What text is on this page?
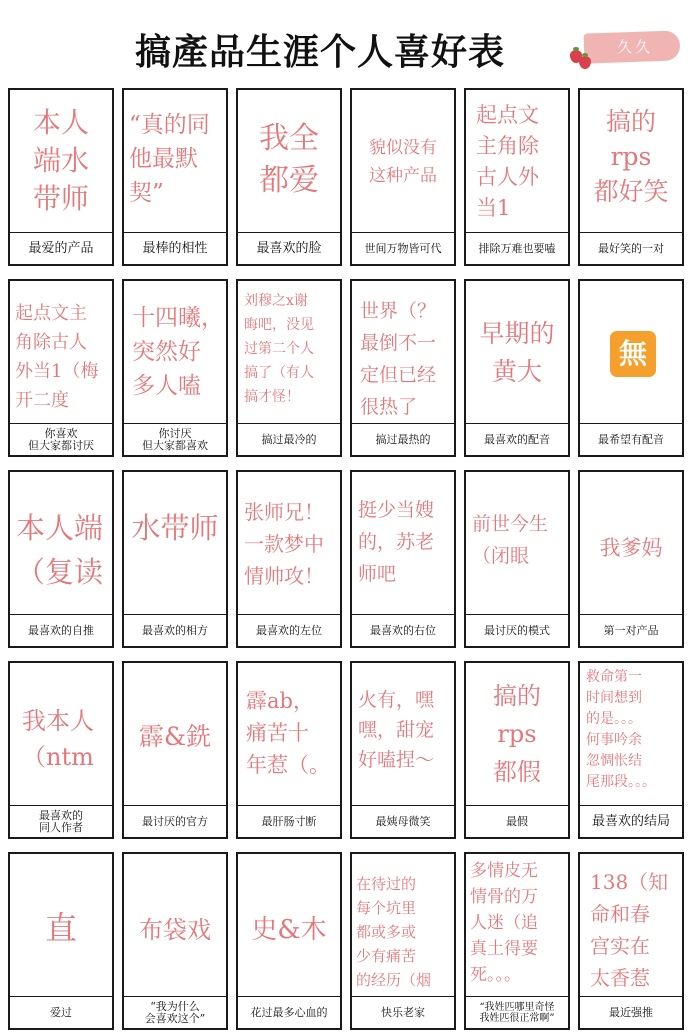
搞產品生涯个人喜好表	久久
本人
端水
带师
最爱的产品
“真的同
他最默
契”
最棒的相性
我全
都爱
最喜欢的脸
貌似没有
这种产品
世间万物皆可代
起点文
主角除
古人外
当1
排除万难也要嗑
搞的
rps
都好笑
最好笑的一对
起点文主
角除古人
外当1（梅
开二度
你喜欢
但大家都讨厌
十四曦，
突然好
多人嗑
你讨厌
但大家都喜欢
刘穆之x谢
晦吧，没见
过第二个人
搞了（有人
搞才怪！
搞过最冷的
世界（？
最倒不一
定但已经
很热了
搞过最热的
早期的
黄大
最喜欢的配音
無
最希望有配音
本人端
（复读
最喜欢的自推
水带师
最喜欢的相方
张师兄！
一款梦中
情帅攻！
最喜欢的左位
挺少当嫂
的，苏老
师吧
最喜欢的右位
前世今生
（闭眼
最讨厌的模式
我爹妈
第一对产品
我本人
（ntm
最喜欢的
同人作者
霹&銑
最讨厌的官方
霹ab，
痛苦十
年惹（。
最肝肠寸断
火有，嘿
嘿，甜宠
好嗑捏～
最姨母微笑
搞的
rps
都假
最假
救命第一
时间想到
的是。。。
何事吟余
忽惆怅结
尾那段。。。
最喜欢的结局
直
爱过
布袋戏
“我为什么
会喜欢这个”
史&木
花过最多心血的
在待过的
每个坑里
都或多或
少有痛苦
的经历（烟
快乐老家
多情皮无
情骨的万
人迷（追
真土得要
死。。。
“我姓匹哪里奇怪
我姓匹很正常啊”
138（知
命和春
宫实在
太香惹
最近强推
